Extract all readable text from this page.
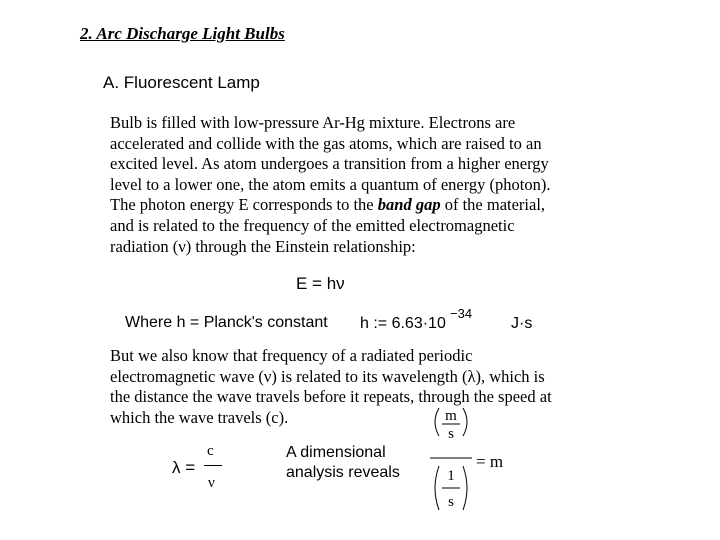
2. Arc Discharge Light Bulbs
A. Fluorescent Lamp
Bulb is filled with low-pressure Ar-Hg mixture. Electrons are
accelerated and collide with the gas atoms, which are raised to an
excited level. As atom undergoes a transition from a higher energy
level to a lower one, the atom emits a quantum of energy (photon).
The photon energy E corresponds to the band gap of the material,
and is related to the frequency of the emitted electromagnetic
radiation (ν) through the Einstein relationship:
E = hν
Where h = Planck's constant h := 6.63·10
−34
J·s
But we also know that frequency of a radiated periodic
electromagnetic wave (ν) is related to its wavelength (λ), which is
the distance the wave travels before it repeats, through the speed at
which the wave travels (c).
λ =
c
ν
A dimensional
analysis reveals
m
s
1
s
= m
